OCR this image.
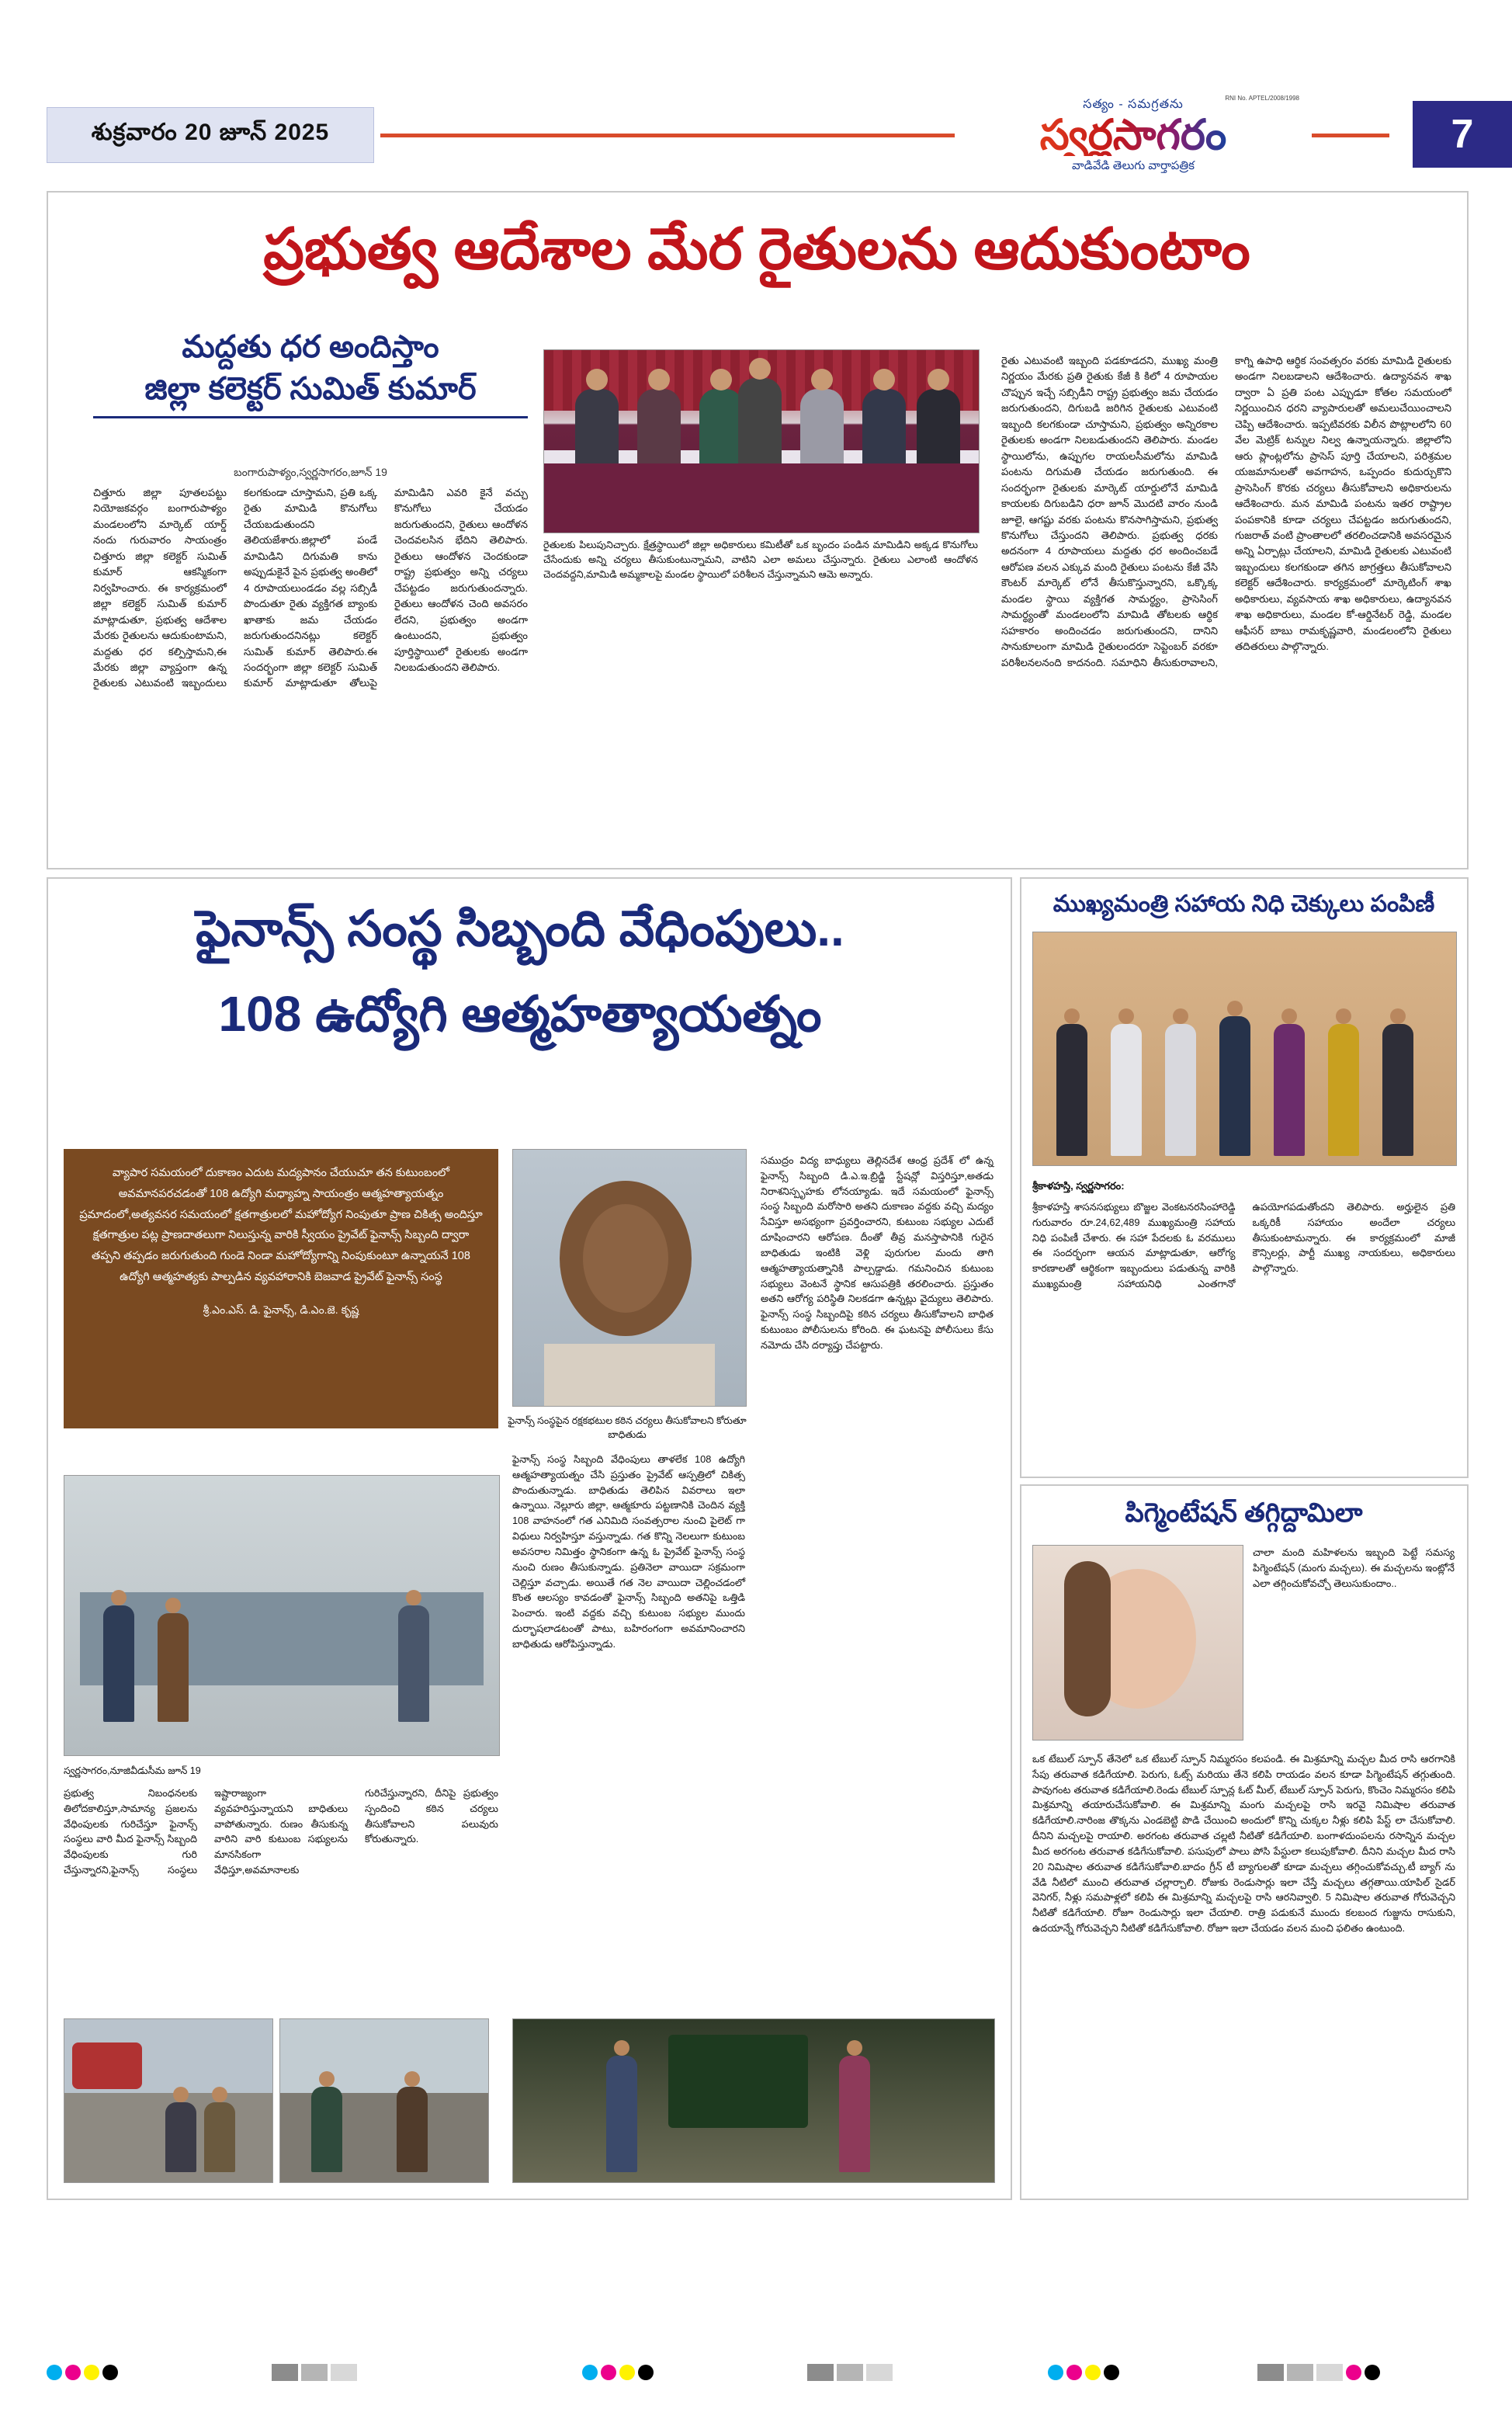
శుక్రవారం 20 జూన్ 2025
సత్యం - సమగ్రతను
స్వర్ణసాగరం
వాడివేడి తెలుగు వార్తాపత్రిక
RNI No. APTEL/2008/1998
7
ప్రభుత్వ ఆదేశాల మేర రైతులను ఆదుకుంటాం
మద్దతు ధర అందిస్తాం
జిల్లా కలెక్టర్ సుమిత్ కుమార్
బంగారుపాళ్యం,స్వర్ణసాగరం,జూన్ 19
చిత్తూరు జిల్లా పూతలపట్టు నియోజకవర్గం బంగారుపాళ్యం మండలంలోని మార్కెట్ యార్డ్ నందు గురువారం సాయంత్రం చిత్తూరు జిల్లా కలెక్టర్ సుమిత్ కుమార్ ఆకస్మికంగా నిర్వహించారు. ఈ కార్యక్రమంలో జిల్లా కలెక్టర్ సుమిత్ కుమార్ మాట్లాడుతూ, ప్రభుత్వ ఆదేశాల మేరకు రైతులను ఆదుకుంటామని, మద్దతు ధర కల్పిస్తామని,ఈ మేరకు జిల్లా వ్యాప్తంగా ఉన్న రైతులకు ఎటువంటి ఇబ్బందులు కలగకుండా చూస్తామని, ప్రతి ఒక్క రైతు మామిడి కొనుగోలు చేయబడుతుందని తెలియజేశారు.జిల్లాలో పండే మామిడిని దిగుమతి కాను అప్పుడుకైనే పైన ప్రభుత్వ అంతిలో 4 రూపాయలుండడం వల్ల సబ్సిడీ పొందుతూ రైతు వ్యక్తిగత బ్యాంకు ఖాతాకు జమ చేయడం జరుగుతుందనినట్లు కలెక్టర్ సుమిత్ కుమార్ తెలిపారు.ఈ సందర్భంగా జిల్లా కలెక్టర్ సుమిత్ కుమార్ మాట్లాడుతూ తోలుపై మామిడిని ఎవరి కైనే వచ్చు కొనుగోలు చేయడం జరుగుతుందని, రైతులు ఆందోళన చెందవలసిన భేదిని తెలిపారు. రైతులు ఆందోళన చెందకుండా రాష్ట్ర ప్రభుత్వం అన్ని చర్యలు చేపట్టడం జరుగుతుందన్నారు. రైతులు ఆందోళన చెంది అవసరం లేదని, ప్రభుత్వం అండగా ఉంటుందని, ప్రభుత్వం పూర్తిస్థాయిలో రైతులకు అండగా నిలబడుతుందని తెలిపారు.
రైతులకు పిలుపునిచ్చారు. క్షేత్రస్థాయిలో జిల్లా అధికారులు కమిటీతో ఒక బృందం పండిన మామిడిని అక్కడ కొనుగోలు చేసేందుకు అన్ని చర్యలు తీసుకుంటున్నామని, వాటిని ఎలా అమలు చేస్తున్నారు. రైతులు ఎలాంటి ఆందోళన చెందవద్దని,మామిడి అమ్మకాలపై మండల స్థాయిలో పరిశీలన చేస్తున్నామని ఆమె అన్నారు.
రైతు ఎటువంటి ఇబ్బంది పడకూడదని, ముఖ్య మంత్రి నిర్ణయం మేరకు ప్రతి రైతుకు కేజీ కి కిలో 4 రూపాయల చొప్పున ఇచ్చే సబ్సిడీని రాష్ట్ర ప్రభుత్వం జమ చేయడం జరుగుతుందని, దిగుబడి జరిగిన రైతులకు ఎటువంటి ఇబ్బంది కలగకుండా చూస్తామని, ప్రభుత్వం అన్నిరకాల రైతులకు అండగా నిలబడుతుందని తెలిపారు. మండల స్థాయిలోను, ఉప్పుగల రాయలసీమలోను మామిడి పంటను దిగుమతి చేయడం జరుగుతుంది. ఈ సందర్భంగా రైతులకు మార్కెట్ యార్డులోనే మామిడి కాయలకు దిగుబడిని ధరా జూన్ మొదటి వారం నుండి జూలై, ఆగష్టు వరకు పంటను కొనసాగిస్తామని, ప్రభుత్వ కొనుగోలు చేస్తుందని తెలిపారు. ప్రభుత్వ ధరకు అదనంగా 4 రూపాయలు మద్దతు ధర అందించబడే ఆరోపణ వలన ఎక్కువ మంది రైతులు పంటను కేజీ వేసి కౌంటర్ మార్కెట్ లోనే తీసుకొస్తున్నారని, ఒక్కొక్క మండల స్థాయి వ్యక్తిగత సామర్థ్యం, ప్రాసెసింగ్ సామర్థ్యంతో మండలంలోని మామిడి తోటలకు ఆర్థిక సహకారం అందించడం జరుగుతుందని, దానిని సానుకూలంగా మామిడి రైతులందరూ సెప్టెంబర్ వరకూ పరిశీలనలనంది కాదనంది. సమాధిని తీసుకురావాలని, కాగ్ని ఉపాధి ఆర్థిక సంవత్సరం వరకు మామిడి రైతులకు అండగా నిలబడాలని ఆదేశించారు. ఉద్యానవన శాఖ ద్వారా ఏ ప్రతి పంట ఎప్పుడూ కోతల సమయంలో నిర్ణయించిన ధరని వ్యాపారులతో అమలుచేయించాలని చెప్పి ఆదేశించారు. ఇప్పటివరకు విలీన పొట్లాలలోని 60 వేల మెట్రిక్ టన్నుల నిల్వ ఉన్నాయన్నారు. జిల్లాలోని ఆరు ప్లాంట్లలోను ప్రాసెస్ పూర్తి చేయాలని, పరిశ్రమల యజమానులతో అవగాహన, ఒప్పందం కుదుర్చుకొని ప్రాసెసింగ్ కొరకు చర్యలు తీసుకోవాలని అధికారులను ఆదేశించారు. మన మామిడి పంటను ఇతర రాష్ట్రాల పంపకానికి కూడా చర్యలు చేపట్టడం జరుగుతుందని, గుజరాత్ వంటి ప్రాంతాలలో తరలించడానికి అవసరమైన అన్ని ఏర్పాట్లు చేయాలని, మామిడి రైతులకు ఎటువంటి ఇబ్బందులు కలగకుండా తగిన జాగ్రత్తలు తీసుకోవాలని కలెక్టర్ ఆదేశించారు. కార్యక్రమంలో మార్కెటింగ్ శాఖ అధికారులు, వ్యవసాయ శాఖ అధికారులు, ఉద్యానవన శాఖ అధికారులు, మండల కో-ఆర్డినేటర్ రెడ్డి, మండల ఆఫీసర్ బాబు రామకృష్ణవారి, మండలంలోని రైతులు తదితరులు పాల్గొన్నారు.
ఫైనాన్స్ సంస్థ సిబ్బంది వేధింపులు..
108 ఉద్యోగి ఆత్మహత్యాయత్నం
వ్యాపార సమయంలో దుకాణం ఎదుట మద్యపానం చేయుచూ తన కుటుంబంలో అవమానపరచడంతో 108 ఉద్యోగి మధ్యాహ్న సాయంత్రం ఆత్మహత్యాయత్నం ప్రమాదంలో,అత్యవసర సమయంలో క్షతగాత్రులలో మహోద్యోగ నింపుతూ ప్రాణ చికిత్స అందిస్తూ క్షతగాత్రుల పట్ల ప్రాణదాతలుగా నిలుస్తున్న వారికి స్వీయం ప్రైవేట్ ఫైనాన్స్ సిబ్బంది ద్వారా తప్పని తప్పడం జరుగుతుంది గుండె నిండా మహోద్యోగాన్ని నింపుకుంటూ ఉన్నాయనే 108 ఉద్యోగి ఆత్మహత్యకు పాల్పడిన వ్యవహారానికి బెజవాడ ప్రైవేట్ ఫైనాన్స్ సంస్థ
శ్రీ.ఎం.ఎస్. డి. ఫైనాన్స్, డి.ఎం.జె. కృష్ణ
ఫైనాన్స్ సంస్థపైన రక్షకభటుల కఠిన చర్యలు తీసుకోవాలని కోరుతూ బాధితుడు
సముద్రం విద్య బాధ్యులు తెల్లినదేశ ఆంధ్ర ప్రదేశ్ లో ఉన్న ఫైనాన్స్ సిబ్బంది డి.ఎ.ఇ.బ్రిడ్జి స్టేషన్లో విస్తరిస్తూ,అతడు నిరాశనిస్పృహకు లోనయ్యాడు. ఇదే సమయంలో ఫైనాన్స్ సంస్థ సిబ్బంది మరోసారి అతని దుకాణం వద్దకు వచ్చి మద్యం సేవిస్తూ అసభ్యంగా ప్రవర్తించారని, కుటుంబ సభ్యుల ఎదుటే దూషించారని ఆరోపణ. దీంతో తీవ్ర మనస్తాపానికి గురైన బాధితుడు ఇంటికి వెళ్లి పురుగుల మందు తాగి ఆత్మహత్యాయత్నానికి పాల్పడ్డాడు. గమనించిన కుటుంబ సభ్యులు వెంటనే స్థానిక ఆసుపత్రికి తరలించారు. ప్రస్తుతం అతని ఆరోగ్య పరిస్థితి నిలకడగా ఉన్నట్లు వైద్యులు తెలిపారు. ఫైనాన్స్ సంస్థ సిబ్బందిపై కఠిన చర్యలు తీసుకోవాలని బాధిత కుటుంబం పోలీసులను కోరింది. ఈ ఘటనపై పోలీసులు కేసు నమోదు చేసి దర్యాప్తు చేపట్టారు.
ఫైనాన్స్ సంస్థ సిబ్బంది వేధింపులు తాళలేక 108 ఉద్యోగి ఆత్మహత్యాయత్నం చేసి ప్రస్తుతం ప్రైవేట్ ఆస్పత్రిలో చికిత్స పొందుతున్నాడు. బాధితుడు తెలిపిన వివరాలు ఇలా ఉన్నాయి. నెల్లూరు జిల్లా, ఆత్మకూరు పట్టణానికి చెందిన వ్యక్తి 108 వాహనంలో గత ఎనిమిది సంవత్సరాల నుంచి పైలెట్ గా విధులు నిర్వహిస్తూ వస్తున్నాడు. గత కొన్ని నెలలుగా కుటుంబ అవసరాల నిమిత్తం స్థానికంగా ఉన్న ఓ ప్రైవేట్ ఫైనాన్స్ సంస్థ నుంచి రుణం తీసుకున్నాడు. ప్రతినెలా వాయిదా సక్రమంగా చెల్లిస్తూ వచ్చాడు. అయితే గత నెల వాయిదా చెల్లించడంలో కొంత ఆలస్యం కావడంతో ఫైనాన్స్ సిబ్బంది అతనిపై ఒత్తిడి పెంచారు. ఇంటి వద్దకు వచ్చి కుటుంబ సభ్యుల ముందు దుర్భాషలాడటంతో పాటు, బహిరంగంగా అవమానించారని బాధితుడు ఆరోపిస్తున్నాడు.
స్వర్ణసాగరం,నూజివీడుసీమ జూన్ 19
ప్రభుత్వ నిబంధనలకు తిలోదకాలిస్తూ,సామాన్య ప్రజలను వేధింపులకు గురిచేస్తూ ఫైనాన్స్ సంస్థలు వారి మీద ఫైనాన్స్ సిబ్బంది వేధింపులకు గురి చేస్తున్నారని,ఫైనాన్స్ సంస్థలు ఇష్టారాజ్యంగా వ్యవహరిస్తున్నాయని బాధితులు వాపోతున్నారు. రుణం తీసుకున్న వారిని వారి కుటుంబ సభ్యులను మానసికంగా వేధిస్తూ,అవమానాలకు గురిచేస్తున్నారని, దీనిపై ప్రభుత్వం స్పందించి కఠిన చర్యలు తీసుకోవాలని పలువురు కోరుతున్నారు.
ముఖ్యమంత్రి సహాయ నిధి చెక్కులు పంపిణీ
శ్రీకాళహస్తి, స్వర్ణసాగరం:
శ్రీకాళహస్తి శాసనసభ్యులు బొజ్జల వెంకటనరసింహారెడ్డి గురువారం రూ.24,62,489 ముఖ్యమంత్రి సహాయ నిధి పంపిణీ చేశారు. ఈ సహా పేదలకు ఓ వరములు ఈ సందర్భంగా ఆయన మాట్లాడుతూ, ఆరోగ్య కారణాలతో ఆర్థికంగా ఇబ్బందులు పడుతున్న వారికి ముఖ్యమంత్రి సహాయనిధి ఎంతగానో ఉపయోగపడుతోందని తెలిపారు. అర్హులైన ప్రతి ఒక్కరికీ సహాయం అందేలా చర్యలు తీసుకుంటామన్నారు. ఈ కార్యక్రమంలో మాజీ కౌన్సిలర్లు, పార్టీ ముఖ్య నాయకులు, అధికారులు పాల్గొన్నారు.
పిగ్మెంటేషన్ తగ్గిద్దామిలా
చాలా మంది మహిళలను ఇబ్బంది పెట్టే సమస్య పిగ్మెంటేషన్ (మంగు మచ్చలు). ఈ మచ్చలను ఇంట్లోనే ఎలా తగ్గించుకోవచ్చో తెలుసుకుందాం..
ఒక టేబుల్ స్పూన్ తేనెలో ఒక టేబుల్ స్పూన్ నిమ్మరసం కలపండి. ఈ మిశ్రమాన్ని మచ్చల మీద రాసి ఆరగానికి సేపు తరువాత కడిగేయాలి. పెరుగు, ఓట్స్ మరియు తేనె కలిపి రాయడం వలన కూడా పిగ్మెంటేషన్ తగ్గుతుంది. పావుగంట తరువాత కడిగేయాలి.రెండు టేబుల్ స్పూన్ల ఓట్ మీల్, టేబుల్ స్పూన్ పెరుగు, కొంచెం నిమ్మరసం కలిపి మిశ్రమాన్ని తయారుచేసుకోవాలి. ఈ మిశ్రమాన్ని మంగు మచ్చలపై రాసి ఇరవై నిమిషాల తరువాత కడిగేయాలి.నారింజ తొక్కను ఎండబెట్టి పొడి చేయించి అందులో కొన్ని చుక్కల నీళ్లు కలిపి పేస్ట్ లా చేసుకోవాలి. దీనిని మచ్చలపై రాయాలి. అరగంట తరువాత చల్లటి నీటితో కడిగేయాలి. బంగాళదుంపలను రసాన్నిన మచ్చల మీద అరగంట తరువాత కడిగేసుకోవాలి. పసుపులో పాలు పోసి పేస్టులా కలుపుకోవాలి. దీనిని మచ్చల మీద రాసి 20 నిమిషాల తరువాత కడిగేసుకోవాలి.బాదం గ్రీన్ టీ బ్యాగులతో కూడా మచ్చలు తగ్గించుకోవచ్చు.టీ బ్యాగ్ ను వేడి నీటిలో ముంచి తరువాత చల్లార్చాలి. రోజుకు రెండుసార్లు ఇలా చేస్తే మచ్చలు తగ్గతాయి.యాపిల్ సైడర్ వెనిగర్, నీళ్లు సమపాళ్లలో కలిపి ఈ మిశ్రమాన్ని మచ్చలపై రాసి ఆరనివ్వాలి. 5 నిమిషాల తరువాత గోరువెచ్చని నీటితో కడిగేయాలి. రోజూ రెండుసార్లు ఇలా చేయాలి. రాత్రి పడుకునే ముందు కలబంద గుజ్జును రాసుకుని, ఉదయాన్నే గోరువెచ్చని నీటితో కడిగేసుకోవాలి. రోజూ ఇలా చేయడం వలన మంచి ఫలితం ఉంటుంది.
